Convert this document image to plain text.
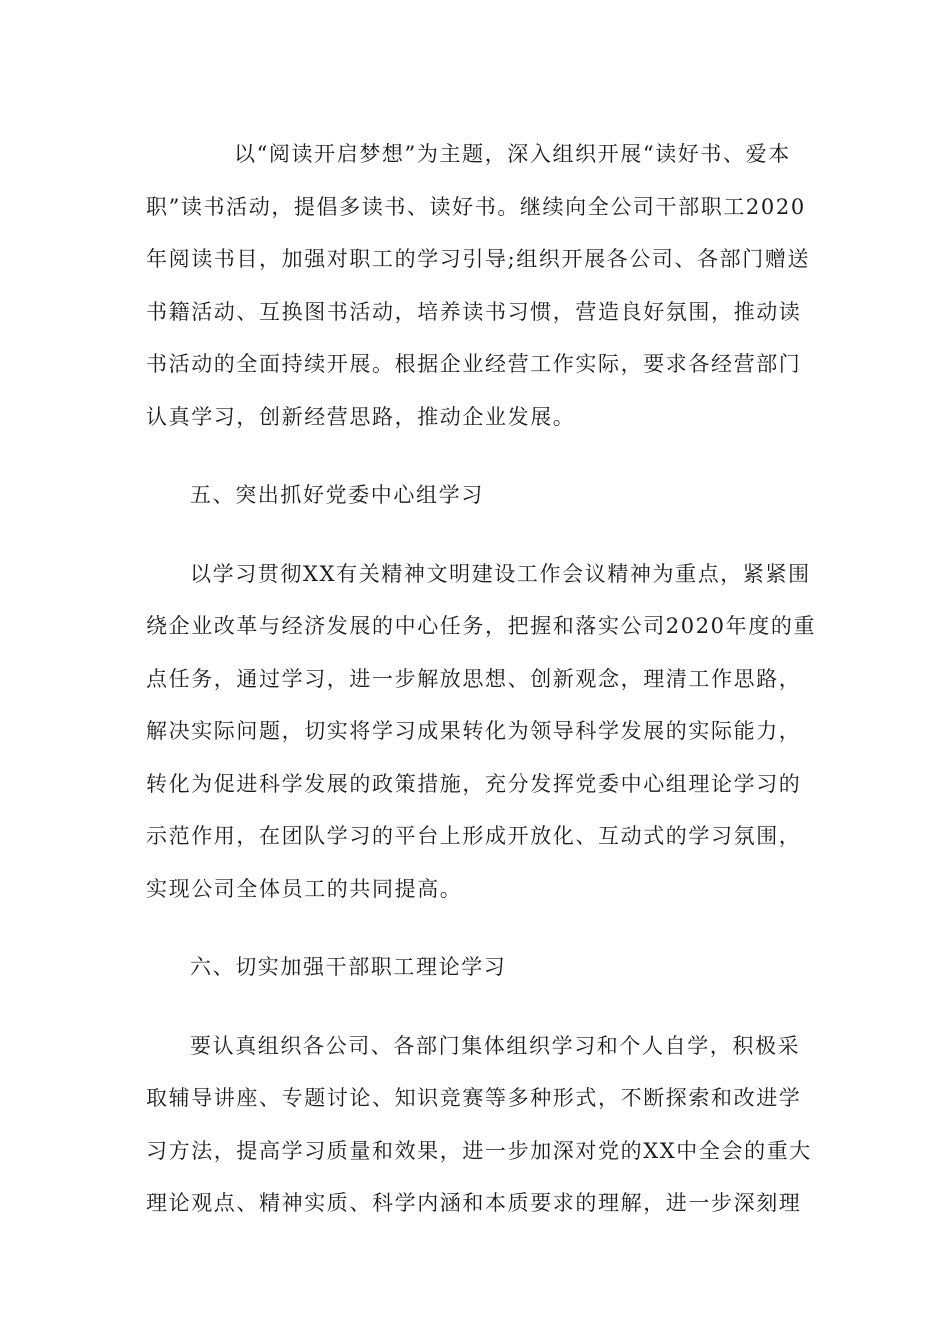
以“阅读开启梦想”为主题，深入组织开展“读好书、爱本
职”读书活动，提倡多读书、读好书。继续向全公司干部职工2020
年阅读书目，加强对职工的学习引导;组织开展各公司、各部门赠送
书籍活动、互换图书活动，培养读书习惯，营造良好氛围，推动读
书活动的全面持续开展。根据企业经营工作实际，要求各经营部门
认真学习，创新经营思路，推动企业发展。
五、突出抓好党委中心组学习
以学习贯彻XX有关精神文明建设工作会议精神为重点，紧紧围
绕企业改革与经济发展的中心任务，把握和落实公司2020年度的重
点任务，通过学习，进一步解放思想、创新观念，理清工作思路，
解决实际问题，切实将学习成果转化为领导科学发展的实际能力，
转化为促进科学发展的政策措施，充分发挥党委中心组理论学习的
示范作用，在团队学习的平台上形成开放化、互动式的学习氛围，
实现公司全体员工的共同提高。
六、切实加强干部职工理论学习
要认真组织各公司、各部门集体组织学习和个人自学，积极采
取辅导讲座、专题讨论、知识竞赛等多种形式，不断探索和改进学
习方法，提高学习质量和效果，进一步加深对党的XX中全会的重大
理论观点、精神实质、科学内涵和本质要求的理解，进一步深刻理
